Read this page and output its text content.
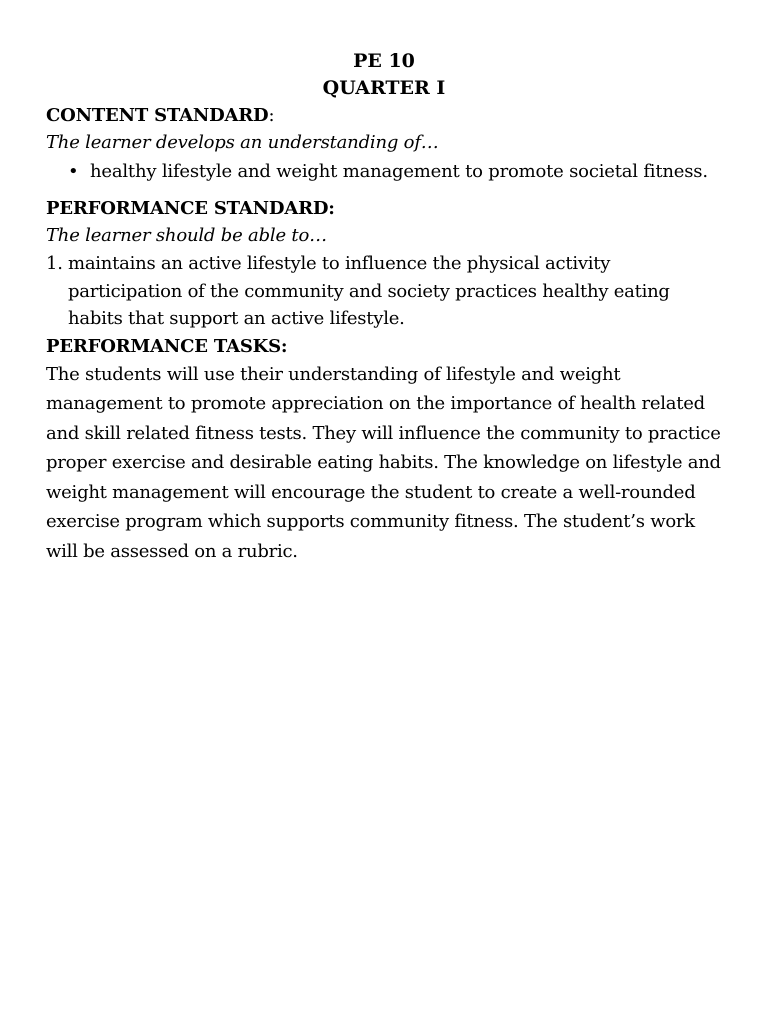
PE 10

QUARTER I

CONTENT STANDARD:

The learner develops an understanding of…

• healthy lifestyle and weight management to promote societal fitness.

PERFORMANCE STANDARD:

The learner should be able to…

1. maintains an active lifestyle to influence the physical activity participation of the community and society practices healthy eating habits that support an active lifestyle.

PERFORMANCE TASKS:

The students will use their understanding of lifestyle and weight management to promote appreciation on the importance of health related and skill related fitness tests. They will influence the community to practice proper exercise and desirable eating habits. The knowledge on lifestyle and weight management will encourage the student to create a well-rounded exercise program which supports community fitness. The student’s work will be assessed on a rubric.
